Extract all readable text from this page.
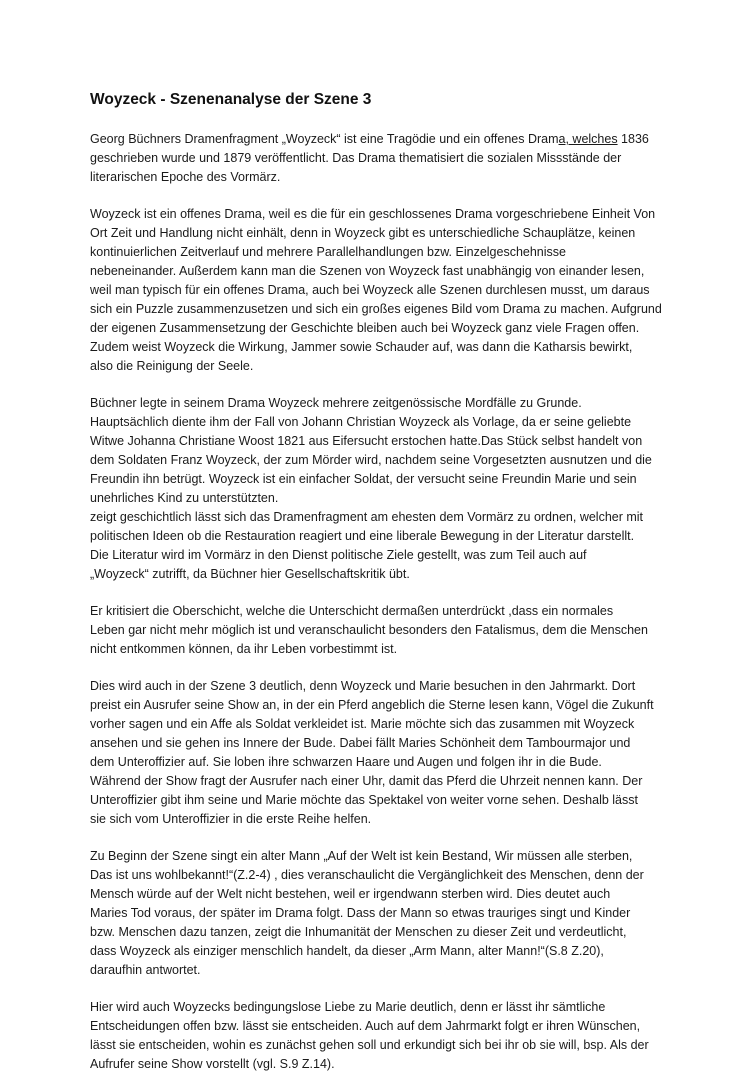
Woyzeck - Szenenanalyse der Szene 3

Georg Büchners Dramenfragment „Woyzeck“ ist eine Tragödie und ein offenes Drama, welches 1836
geschrieben wurde und 1879 veröffentlicht. Das Drama thematisiert die sozialen Missstände der
literarischen Epoche des Vormärz.

Woyzeck ist ein offenes Drama, weil es die für ein geschlossenes Drama vorgeschriebene Einheit Von
Ort Zeit und Handlung nicht einhält, denn in Woyzeck gibt es unterschiedliche Schauplätze, keinen
kontinuierlichen Zeitverlauf und mehrere Parallelhandlungen bzw. Einzelgeschehnisse
nebeneinander. Außerdem kann man die Szenen von Woyzeck fast unabhängig von einander lesen,
weil man typisch für ein offenes Drama, auch bei Woyzeck alle Szenen durchlesen musst, um daraus
sich ein Puzzle zusammenzusetzen und sich ein großes eigenes Bild vom Drama zu machen. Aufgrund
der eigenen Zusammensetzung der Geschichte bleiben auch bei Woyzeck ganz viele Fragen offen.
Zudem weist Woyzeck die Wirkung, Jammer sowie Schauder auf, was dann die Katharsis bewirkt,
also die Reinigung der Seele.

Büchner legte in seinem Drama Woyzeck mehrere zeitgenössische Mordfälle zu Grunde.
Hauptsächlich diente ihm der Fall von Johann Christian Woyzeck als Vorlage, da er seine geliebte
Witwe Johanna Christiane Woost 1821 aus Eifersucht erstochen hatte.Das Stück selbst handelt von
dem Soldaten Franz Woyzeck, der zum Mörder wird, nachdem seine Vorgesetzten ausnutzen und die
Freundin ihn betrügt. Woyzeck ist ein einfacher Soldat, der versucht seine Freundin Marie und sein
unehrliches Kind zu unterstützten.
zeigt geschichtlich lässt sich das Dramenfragment am ehesten dem Vormärz zu ordnen, welcher mit
politischen Ideen ob die Restauration reagiert und eine liberale Bewegung in der Literatur darstellt.
Die Literatur wird im Vormärz in den Dienst politische Ziele gestellt, was zum Teil auch auf
„Woyzeck“ zutrifft, da Büchner hier Gesellschaftskritik übt.

Er kritisiert die Oberschicht, welche die Unterschicht dermaßen unterdrückt ,dass ein normales
Leben gar nicht mehr möglich ist und veranschaulicht besonders den Fatalismus, dem die Menschen
nicht entkommen können, da ihr Leben vorbestimmt ist.

Dies wird auch in der Szene 3 deutlich, denn Woyzeck und Marie besuchen in den Jahrmarkt. Dort
preist ein Ausrufer seine Show an, in der ein Pferd angeblich die Sterne lesen kann, Vögel die Zukunft
vorher sagen und ein Affe als Soldat verkleidet ist. Marie möchte sich das zusammen mit Woyzeck
ansehen und sie gehen ins Innere der Bude. Dabei fällt Maries Schönheit dem Tambourmajor und
dem Unteroffizier auf. Sie loben ihre schwarzen Haare und Augen und folgen ihr in die Bude.
Während der Show fragt der Ausrufer nach einer Uhr, damit das Pferd die Uhrzeit nennen kann. Der
Unteroffizier gibt ihm seine und Marie möchte das Spektakel von weiter vorne sehen. Deshalb lässt
sie sich vom Unteroffizier in die erste Reihe helfen.

Zu Beginn der Szene singt ein alter Mann „Auf der Welt ist kein Bestand, Wir müssen alle sterben,
Das ist uns wohlbekannt!“(Z.2-4) , dies veranschaulicht die Vergänglichkeit des Menschen, denn der
Mensch würde auf der Welt nicht bestehen, weil er irgendwann sterben wird. Dies deutet auch
Maries Tod voraus, der später im Drama folgt. Dass der Mann so etwas trauriges singt und Kinder
bzw. Menschen dazu tanzen, zeigt die Inhumanität der Menschen zu dieser Zeit und verdeutlicht,
dass Woyzeck als einziger menschlich handelt, da dieser „Arm Mann, alter Mann!“(S.8 Z.20),
daraufhin antwortet.

Hier wird auch Woyzecks bedingungslose Liebe zu Marie deutlich, denn er lässt ihr sämtliche
Entscheidungen offen bzw. lässt sie entscheiden. Auch auf dem Jahrmarkt folgt er ihren Wünschen,
lässt sie entscheiden, wohin es zunächst gehen soll und erkundigt sich bei ihr ob sie will, bsp. Als der
Aufrufer seine Show vorstellt (vgl. S.9 Z.14).
